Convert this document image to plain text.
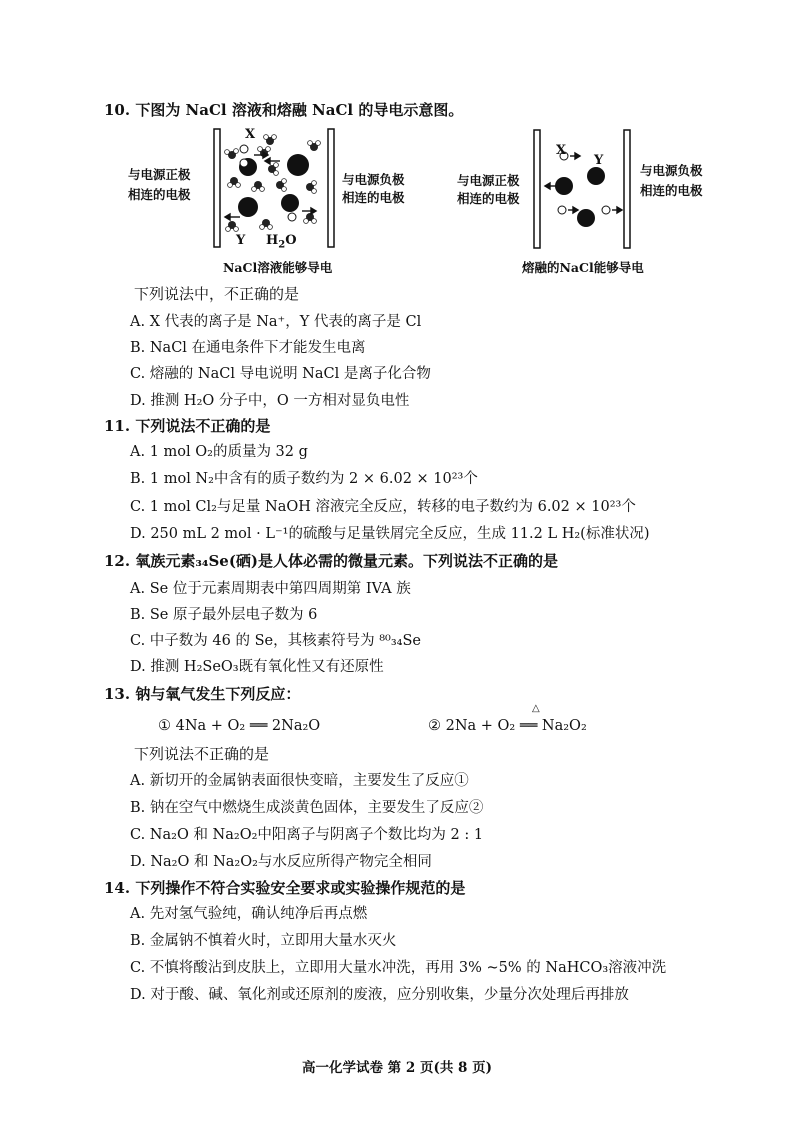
10. 下图为 NaCl 溶液和熔融 NaCl 的导电示意图。
与电源正极
相连的电极
与电源负极
相连的电极
X
Y $H_2O$
NaCl溶液能够导电
与电源正极
相连的电极
与电源负极
相连的电极
X
Y
熔融的NaCl能够导电
下列说法中，不正确的是
A. X 代表的离子是 Na⁺，Y 代表的离子是 Cl
B. NaCl 在通电条件下才能发生电离
C. 熔融的 NaCl 导电说明 NaCl 是离子化合物
D. 推测 H₂O 分子中，O 一方相对显负电性
11. 下列说法不正确的是
A. 1 mol O₂的质量为 32 g
B. 1 mol N₂中含有的质子数约为 2 × 6.02 × 10²³个
C. 1 mol Cl₂与足量 NaOH 溶液完全反应，转移的电子数约为 6.02 × 10²³个
D. 250 mL 2 mol · L⁻¹的硫酸与足量铁屑完全反应，生成 11.2 L H₂(标准状况)
12. 氧族元素₃₄Se(硒)是人体必需的微量元素。下列说法不正确的是
A. Se 位于元素周期表中第四周期第 IVA 族
B. Se 原子最外层电子数为 6
C. 中子数为 46 的 Se，其核素符号为 ⁸⁰₃₄Se
D. 推测 H₂SeO₃既有氧化性又有还原性
13. 钠与氧气发生下列反应：
① 4Na + O₂ ══ 2Na₂O	② 2Na + O₂ ══ Na₂O₂
△
下列说法不正确的是
A. 新切开的金属钠表面很快变暗，主要发生了反应①
B. 钠在空气中燃烧生成淡黄色固体，主要发生了反应②
C. Na₂O 和 Na₂O₂中阳离子与阴离子个数比均为 2 : 1
D. Na₂O 和 Na₂O₂与水反应所得产物完全相同
14. 下列操作不符合实验安全要求或实验操作规范的是
A. 先对氢气验纯，确认纯净后再点燃
B. 金属钠不慎着火时，立即用大量水灭火
C. 不慎将酸沾到皮肤上，立即用大量水冲洗，再用 3% ~5% 的 NaHCO₃溶液冲洗
D. 对于酸、碱、氧化剂或还原剂的废液，应分别收集，少量分次处理后再排放
高一化学试卷 第 2 页(共 8 页)
